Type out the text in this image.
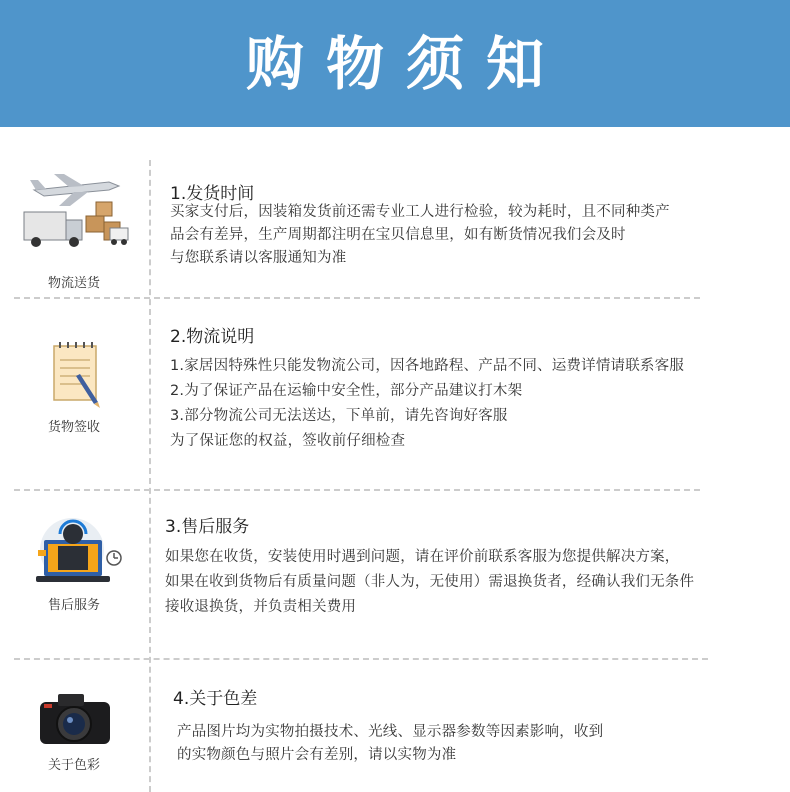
购物须知
物流送货
1.发货时间
买家支付后，因装箱发货前还需专业工人进行检验，较为耗时，且不同种类产
品会有差异，生产周期都注明在宝贝信息里，如有断货情况我们会及时
与您联系请以客服通知为准
货物签收
2.物流说明
1.家居因特殊性只能发物流公司，因各地路程、产品不同、运费详情请联系客服
2.为了保证产品在运输中安全性，部分产品建议打木架
3.部分物流公司无法送达，下单前，请先咨询好客服
为了保证您的权益，签收前仔细检查
售后服务
3.售后服务
如果您在收货，安装使用时遇到问题，请在评价前联系客服为您提供解决方案，
如果在收到货物后有质量问题（非人为，无使用）需退换货者，经确认我们无条件
接收退换货，并负责相关费用
关于色彩
4.关于色差
产品图片均为实物拍摄技术、光线、显示器参数等因素影响，收到
的实物颜色与照片会有差别，请以实物为准
